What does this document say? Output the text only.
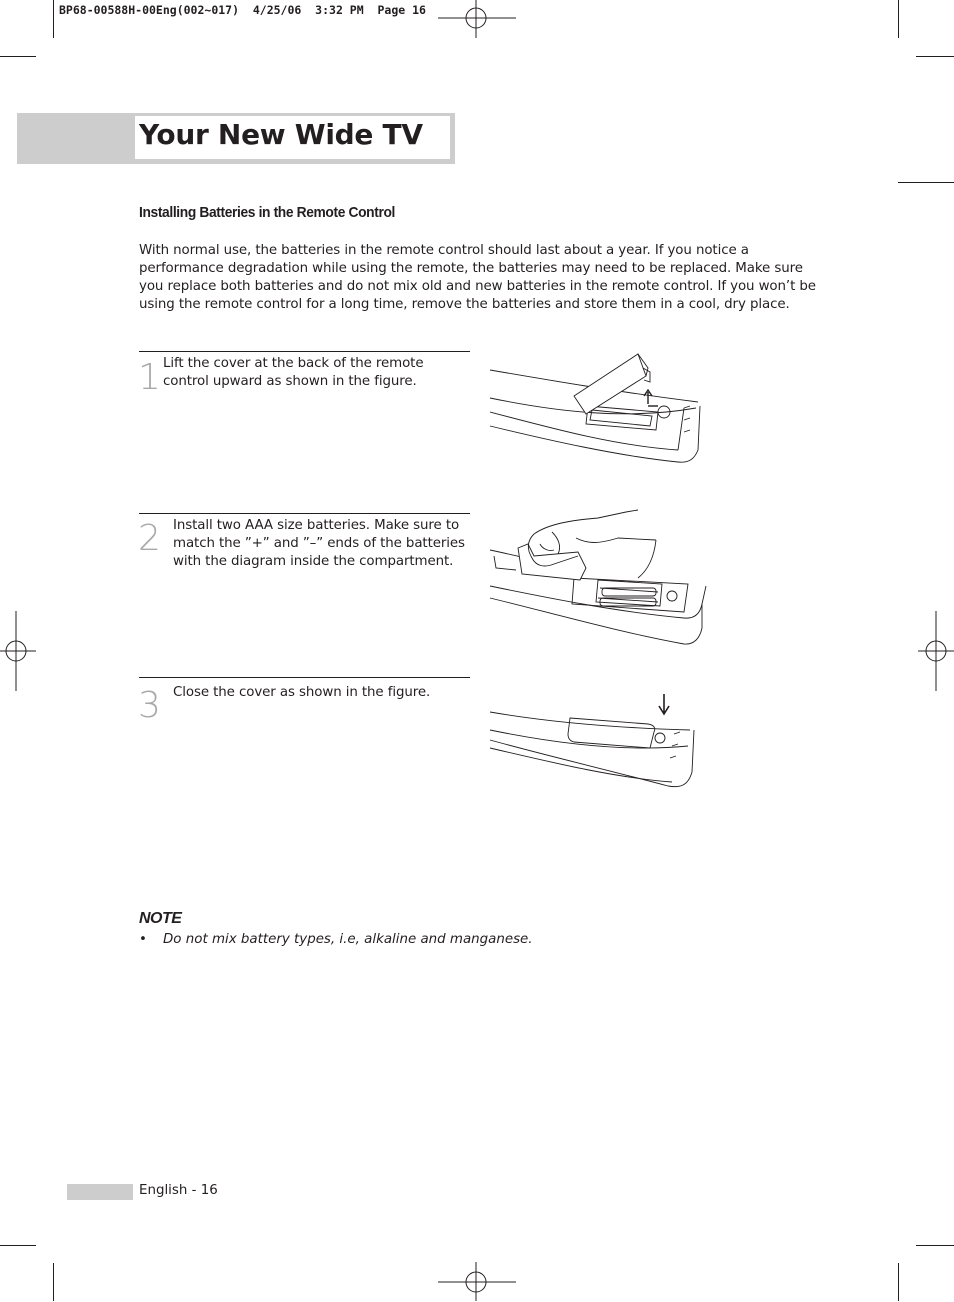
BP68-00588H-00Eng(002~017)  4/25/06  3:32 PM  Page 16
Your New Wide TV
Installing Batteries in the Remote Control
With normal use, the batteries in the remote control should last about a year. If you notice a performance degradation while using the remote, the batteries may need to be replaced. Make sure you replace both batteries and do not mix old and new batteries in the remote control. If you won’t be using the remote control for a long time, remove the batteries and store them in a cool, dry place.
1 Lift the cover at the back of the remote control upward as shown in the figure.
2 Install two AAA size batteries. Make sure to match the ”+” and ”–” ends of the batteries with the diagram inside the compartment.
3 Close the cover as shown in the figure.
NOTE
• Do not mix battery types, i.e, alkaline and manganese.
English - 16
